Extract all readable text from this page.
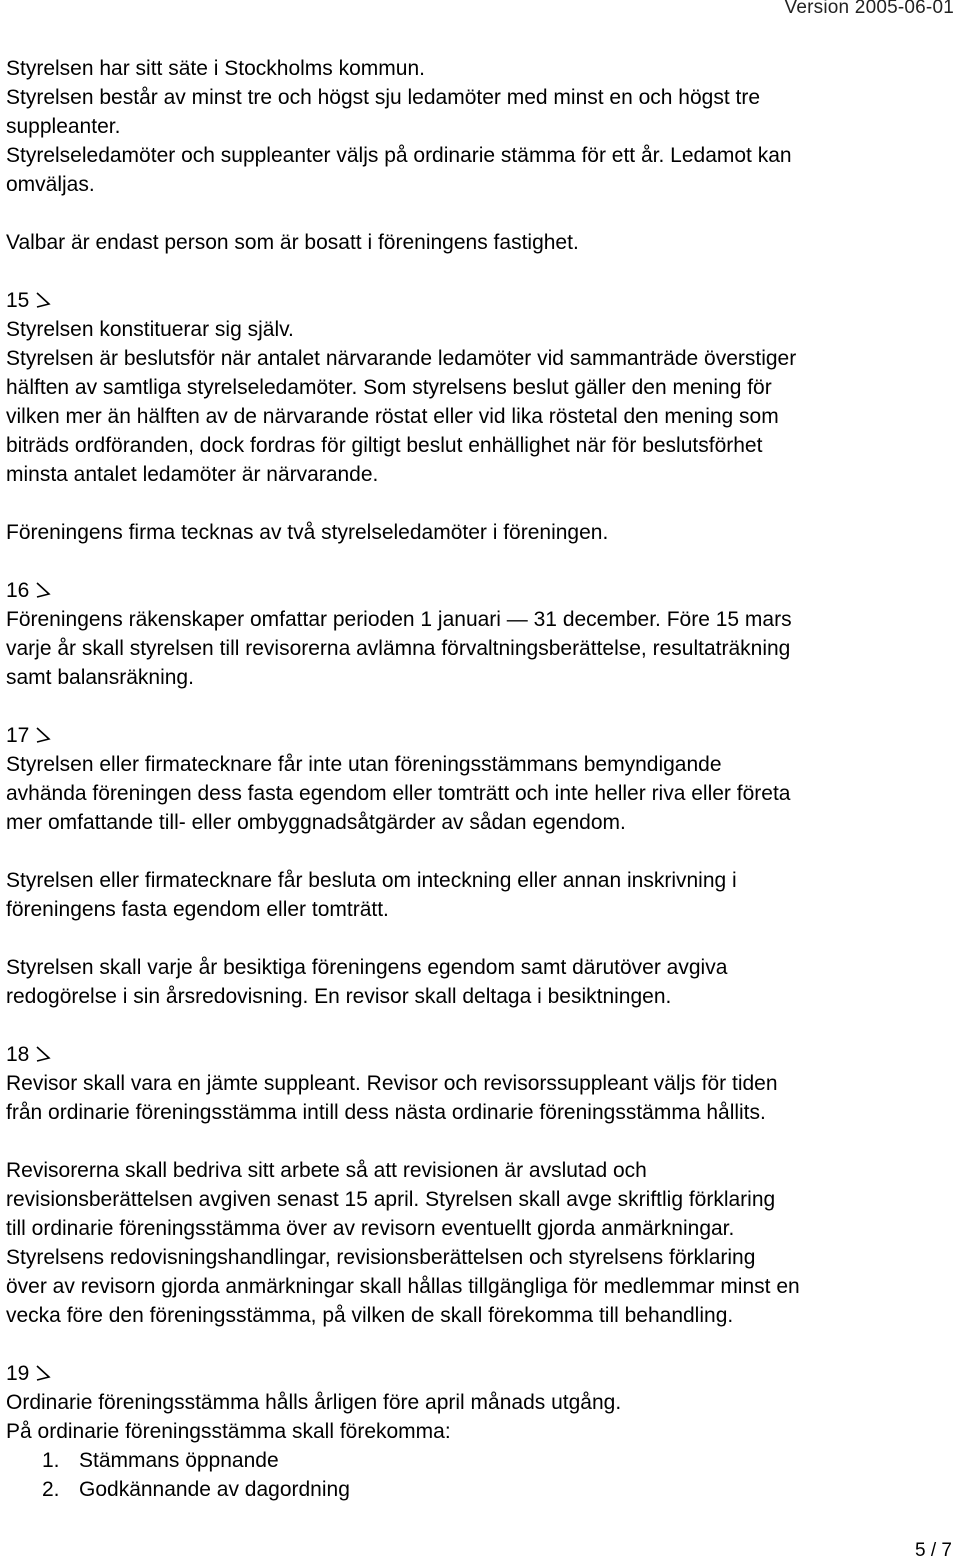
Version 2005-06-01
Styrelsen har sitt säte i Stockholms kommun.
Styrelsen består av minst tre och högst sju ledamöter med minst en och högst tre
suppleanter.
Styrelseledamöter och suppleanter väljs på ordinarie stämma för ett år. Ledamot kan
omväljas.
Valbar är endast person som är bosatt i föreningens fastighet.
15
Styrelsen konstituerar sig själv.
Styrelsen är beslutsför när antalet närvarande ledamöter vid sammanträde överstiger
hälften av samtliga styrelseledamöter. Som styrelsens beslut gäller den mening för
vilken mer än hälften av de närvarande röstat eller vid lika röstetal den mening som
biträds ordföranden, dock fordras för giltigt beslut enhällighet när för beslutsförhet
minsta antalet ledamöter är närvarande.
Föreningens firma tecknas av två styrelseledamöter i föreningen.
16
Föreningens räkenskaper omfattar perioden 1 januari — 31 december. Före 15 mars
varje år skall styrelsen till revisorerna avlämna förvaltningsberättelse, resultaträkning
samt balansräkning.
17
Styrelsen eller firmatecknare får inte utan föreningsstämmans bemyndigande
avhända föreningen dess fasta egendom eller tomträtt och inte heller riva eller företa
mer omfattande till- eller ombyggnadsåtgärder av sådan egendom.
Styrelsen eller firmatecknare får besluta om inteckning eller annan inskrivning i
föreningens fasta egendom eller tomträtt.
Styrelsen skall varje år besiktiga föreningens egendom samt därutöver avgiva
redogörelse i sin årsredovisning. En revisor skall deltaga i besiktningen.
18
Revisor skall vara en jämte suppleant. Revisor och revisorssuppleant väljs för tiden
från ordinarie föreningsstämma intill dess nästa ordinarie föreningsstämma hållits.
Revisorerna skall bedriva sitt arbete så att revisionen är avslutad och
revisionsberättelsen avgiven senast 15 april. Styrelsen skall avge skriftlig förklaring
till ordinarie föreningsstämma över av revisorn eventuellt gjorda anmärkningar.
Styrelsens redovisningshandlingar, revisionsberättelsen och styrelsens förklaring
över av revisorn gjorda anmärkningar skall hållas tillgängliga för medlemmar minst en
vecka före den föreningsstämma, på vilken de skall förekomma till behandling.
19
Ordinarie föreningsstämma hålls årligen före april månads utgång.
På ordinarie föreningsstämma skall förekomma:
1. Stämmans öppnande
2. Godkännande av dagordning
5 / 7
